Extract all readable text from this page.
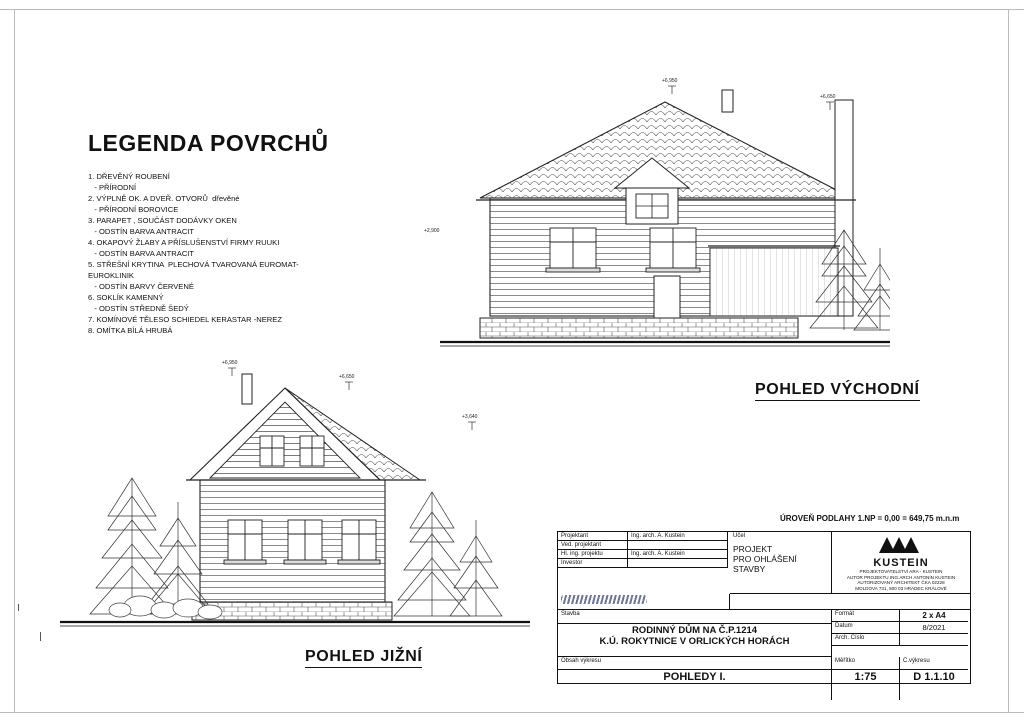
LEGENDA POVRCHŮ
1. DŘEVĚNÝ ROUBENÍ
- PŘÍRODNÍ
2. VÝPLNĚ OK. A DVEŘ. OTVORŮ  dřevěné
- PŘÍRODNÍ BOROVICE
3. PARAPET , SOUČÁST DODÁVKY OKEN
- ODSTÍN BARVA ANTRACIT
4. OKAPOVÝ ŽLABY A PŘÍSLUŠENSTVÍ FIRMY RUUKI
- ODSTÍN BARVA ANTRACIT
5. STŘEŠNÍ KRYTINA  PLECHOVÁ TVAROVANÁ EUROMAT-
EUROKLINIK
- ODSTÍN BARVY ČERVENÉ
6. SOKLÍK KAMENNÝ
- ODSTÍN STŘEDNĚ ŠEDÝ
7. KOMÍNOVÉ TĚLESO SCHIEDEL KERASTAR -NEREZ
8. OMÍTKA BÍLÁ HRUBÁ
+6,950
+6,650
POHLED VÝCHODNÍ
+6,950
+6,650
+3,640
+2,900
POHLED JIŽNÍ
ÚROVEŇ PODLAHY 1.NP = 0,00 = 649,75 m.n.m
Projektant	Ing. arch. A. Kustein
Ved. projektant
Hl. ing. projektu	Ing. arch. A. Kustein
Investor
Účel
PROJEKT
PRO OHLÁŠENÍ STAVBY	KUSTEIN
PROJEKTOVATELSTVÍ ARA - KUSTEIN
AUTOR PROJEKTU ING.ARCH ANTONÍN KUSTEIN
AUTORIZOVANÝ ARCHITEKT ČKA 02228
MOLDOVA 731, 500 03 HRADEC KRÁLOVÉ
Stavba
RODINNÝ DŮM NA Č.P.1214
K.Ú. ROKYTNICE V ORLICKÝCH HORÁCH
Formát	2 x A4
Datum	8/2021
Arch. Číslo
Obsah výkresu
POHLEDY I.
Měřítko	Č.výkresu
1:75	D 1.1.10
